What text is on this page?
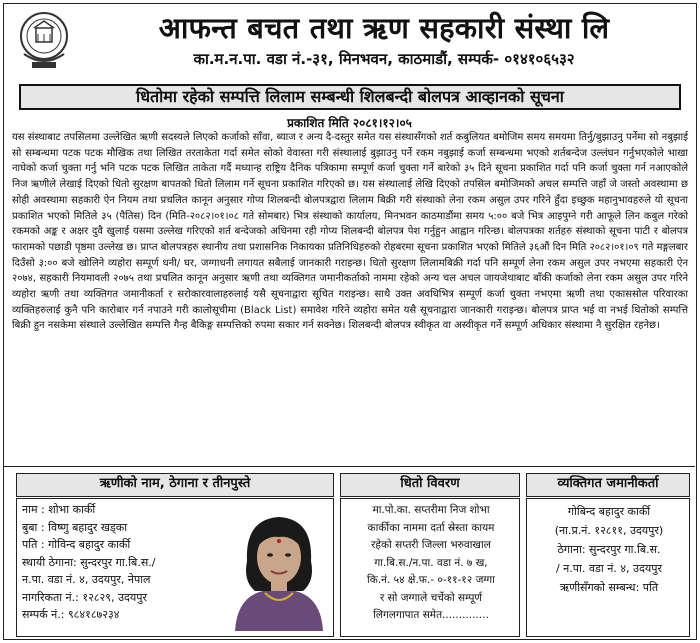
आफन्त बचत तथा ऋण सहकारी संस्था लि
का.म.न.पा. वडा नं.-३१, मिनभवन, काठमाडौं, सम्पर्क- ०१४१०६५३२
धितोमा रहेको सम्पत्ति लिलाम सम्बन्धी शिलबन्दी बोलपत्र आव्हानको सूचना
प्रकाशित मिति २०८१।१२।०५
यस संस्थाबाट तपसिलमा उल्लेखित ऋणी सदस्यले लिएको कर्जाको साँवा, ब्याज र अन्य दै-दस्तुर समेत यस संस्थासँगको शर्त कबुलियत बमोजिम समय समयमा तिर्नु/बुझाउनु पर्नेमा सो नबुझाई सो सम्बन्धमा पटक पटक मौखिक तथा लिखित तरताकेता गर्दा समेत सोको वेवास्ता गरी संस्थालाई बुझाउनु पर्ने रकम नबुझाई कर्जा सम्बन्धमा भएको शर्तबन्देज उल्लंघन गर्नुभएकोले भाखा नाघेको कर्जा चुक्ता गर्नु भनि पटक पटक लिखित ताकेता गर्दै मध्यान्ह राष्ट्रिय दैनिक पत्रिकामा सम्पूर्ण कर्जा चुक्ता गर्ने बारेको ३५ दिने सूचना प्रकाशित गर्दा पनि कर्जा चुक्ता गर्न नआएकोले निज ऋणीले लेखाई दिएको धितो सुरक्षण बापतको धितो लिलाम गर्ने सूचना प्रकाशित गरिएको छ। यस संस्थालाई लेखि दिएको तपसिल बमोजिमको अचल सम्पत्ति जहाँ जे जस्तो अवस्थामा छ सोही अवस्थामा सहकारी ऐन नियम तथा प्रचलित कानून अनुसार गोप्य शिलबन्दी बोलपत्रद्वारा लिलाम बिक्री गरी संस्थाको लेना रकम असुल उपर गरिने हुँदा इच्छुक महानुभावहरुले यो सूचना प्रकाशित भएको मितिले ३५ (पैतिस) दिन (मिति-२०८२।०१।०८ गते सोमबार) भित्र संस्थाको कार्यालय, मिनभवन काठमाडौंमा समय ५:०० बजे भित्र आइपुग्ने गरी आफूले लिन कबुल गरेको रकमको अङ्क र अक्षर दुवै खुलाई यसमा उल्लेख गरिएको शर्त बन्देजको अधिनमा रही गोप्य शिलबन्दी बोलपत्र पेश गर्नुहुन आह्वान गरिन्छ। बोलपत्रका शर्तहरु संस्थाको सूचना पाटी र बोलपत्र फारामको पछाडी पृष्ठमा उल्लेख छ। प्राप्त बोलपत्रहरु स्थानीय तथा प्रशासनिक निकायका प्रतिनिधिहरुको रोहबरमा सूचना प्रकाशित भएको मितिले ३६औं दिन मिति २०८२।०१।०९ गते मङ्गलबार दिउँसो ३:०० बजे खोलिने व्यहोरा सम्पूर्ण धनी/ घर, जग्गाधनी लगायत सबैलाई जानकारी गराइन्छ। धितो सुरक्षण लिलामबिक्री गर्दा पनि सम्पूर्ण लेना रकम असुल उपर नभएमा सहकारी ऐन २०७४, सहकारी नियमावली २०७५ तथा प्रचलित कानून अनुसार ऋणी तथा व्यक्तिगत जमानीकर्ताको नाममा रहेको अन्य चल अचल जायजेथाबाट बाँकी कर्जाको लेना रकम असुल उपर गरिने व्यहोरा ऋणी तथा व्यक्तिगत जमानीकर्ता र सरोकारवालाहरुलाई यसै सूचनाद्वारा सूचित गराइन्छ। साथै उक्त अवधिभित्र सम्पूर्ण कर्जा चुक्ता नभएमा ऋणी तथा एकाससोल परिवारका व्यक्तिहरुलाई कुनै पनि कारोबार गर्न नपाउने गरी कालोसूचीमा (Black List) समावेश गरिने व्यहोरा समेत यसै सूचनाद्वारा जानकारी गराइन्छ। बोलपत्र प्राप्त भई वा नभई धितोको सम्पत्ति बिक्री हुन नसकेमा संस्थाले उल्लेखित सम्पत्ति गैन्ह बैकिङ्ग सम्पत्तिको रुपमा सकार गर्न सक्नेछ। शिलबन्दी बोलपत्र स्वीकृत वा अस्वीकृत गर्ने सम्पूर्ण अधिकार संस्थामा नै सुरक्षित रहनेछ।
ऋणीको नाम, ठेगाना र तीनपुस्ते	धितो विवरण	व्यक्तिगत जमानीकर्ता
नाम : शोभा कार्की
बुबा : विष्णु बहादुर खड्का
पति : गोविन्द बहादुर कार्की
स्थायी ठेगाना: सुन्दरपुर गा.बि.स./
न.पा. वडा नं. ४, उदयपुर, नेपाल
नागरिकता नं.: १२८२९, उदयपुर
सम्पर्क नं.: ९८४१८७२३४
मा.पो.का. सप्तरीमा निज शोभा
कार्कीका नाममा दर्ता स्रेस्ता कायम
रहेको सप्तरी जिल्ला भरुवाखाल
गा.बि.स./न.पा. वडा नं. ७ ख,
कि.नं. ५४ क्षे.फ.- ०-११-१२ जग्गा
र सो जग्गाले चर्चेको सम्पूर्ण
लिगलगापात समेत..............
गोबिन्द बहादुर कार्की
(ना.प्र.नं. १२८११, उदयपुर)
ठेगाना: सुन्दरपुर गा.बि.स.
/ न.पा. वडा नं. ४, उदयपुर
ऋणीसँगको सम्बन्ध: पति
